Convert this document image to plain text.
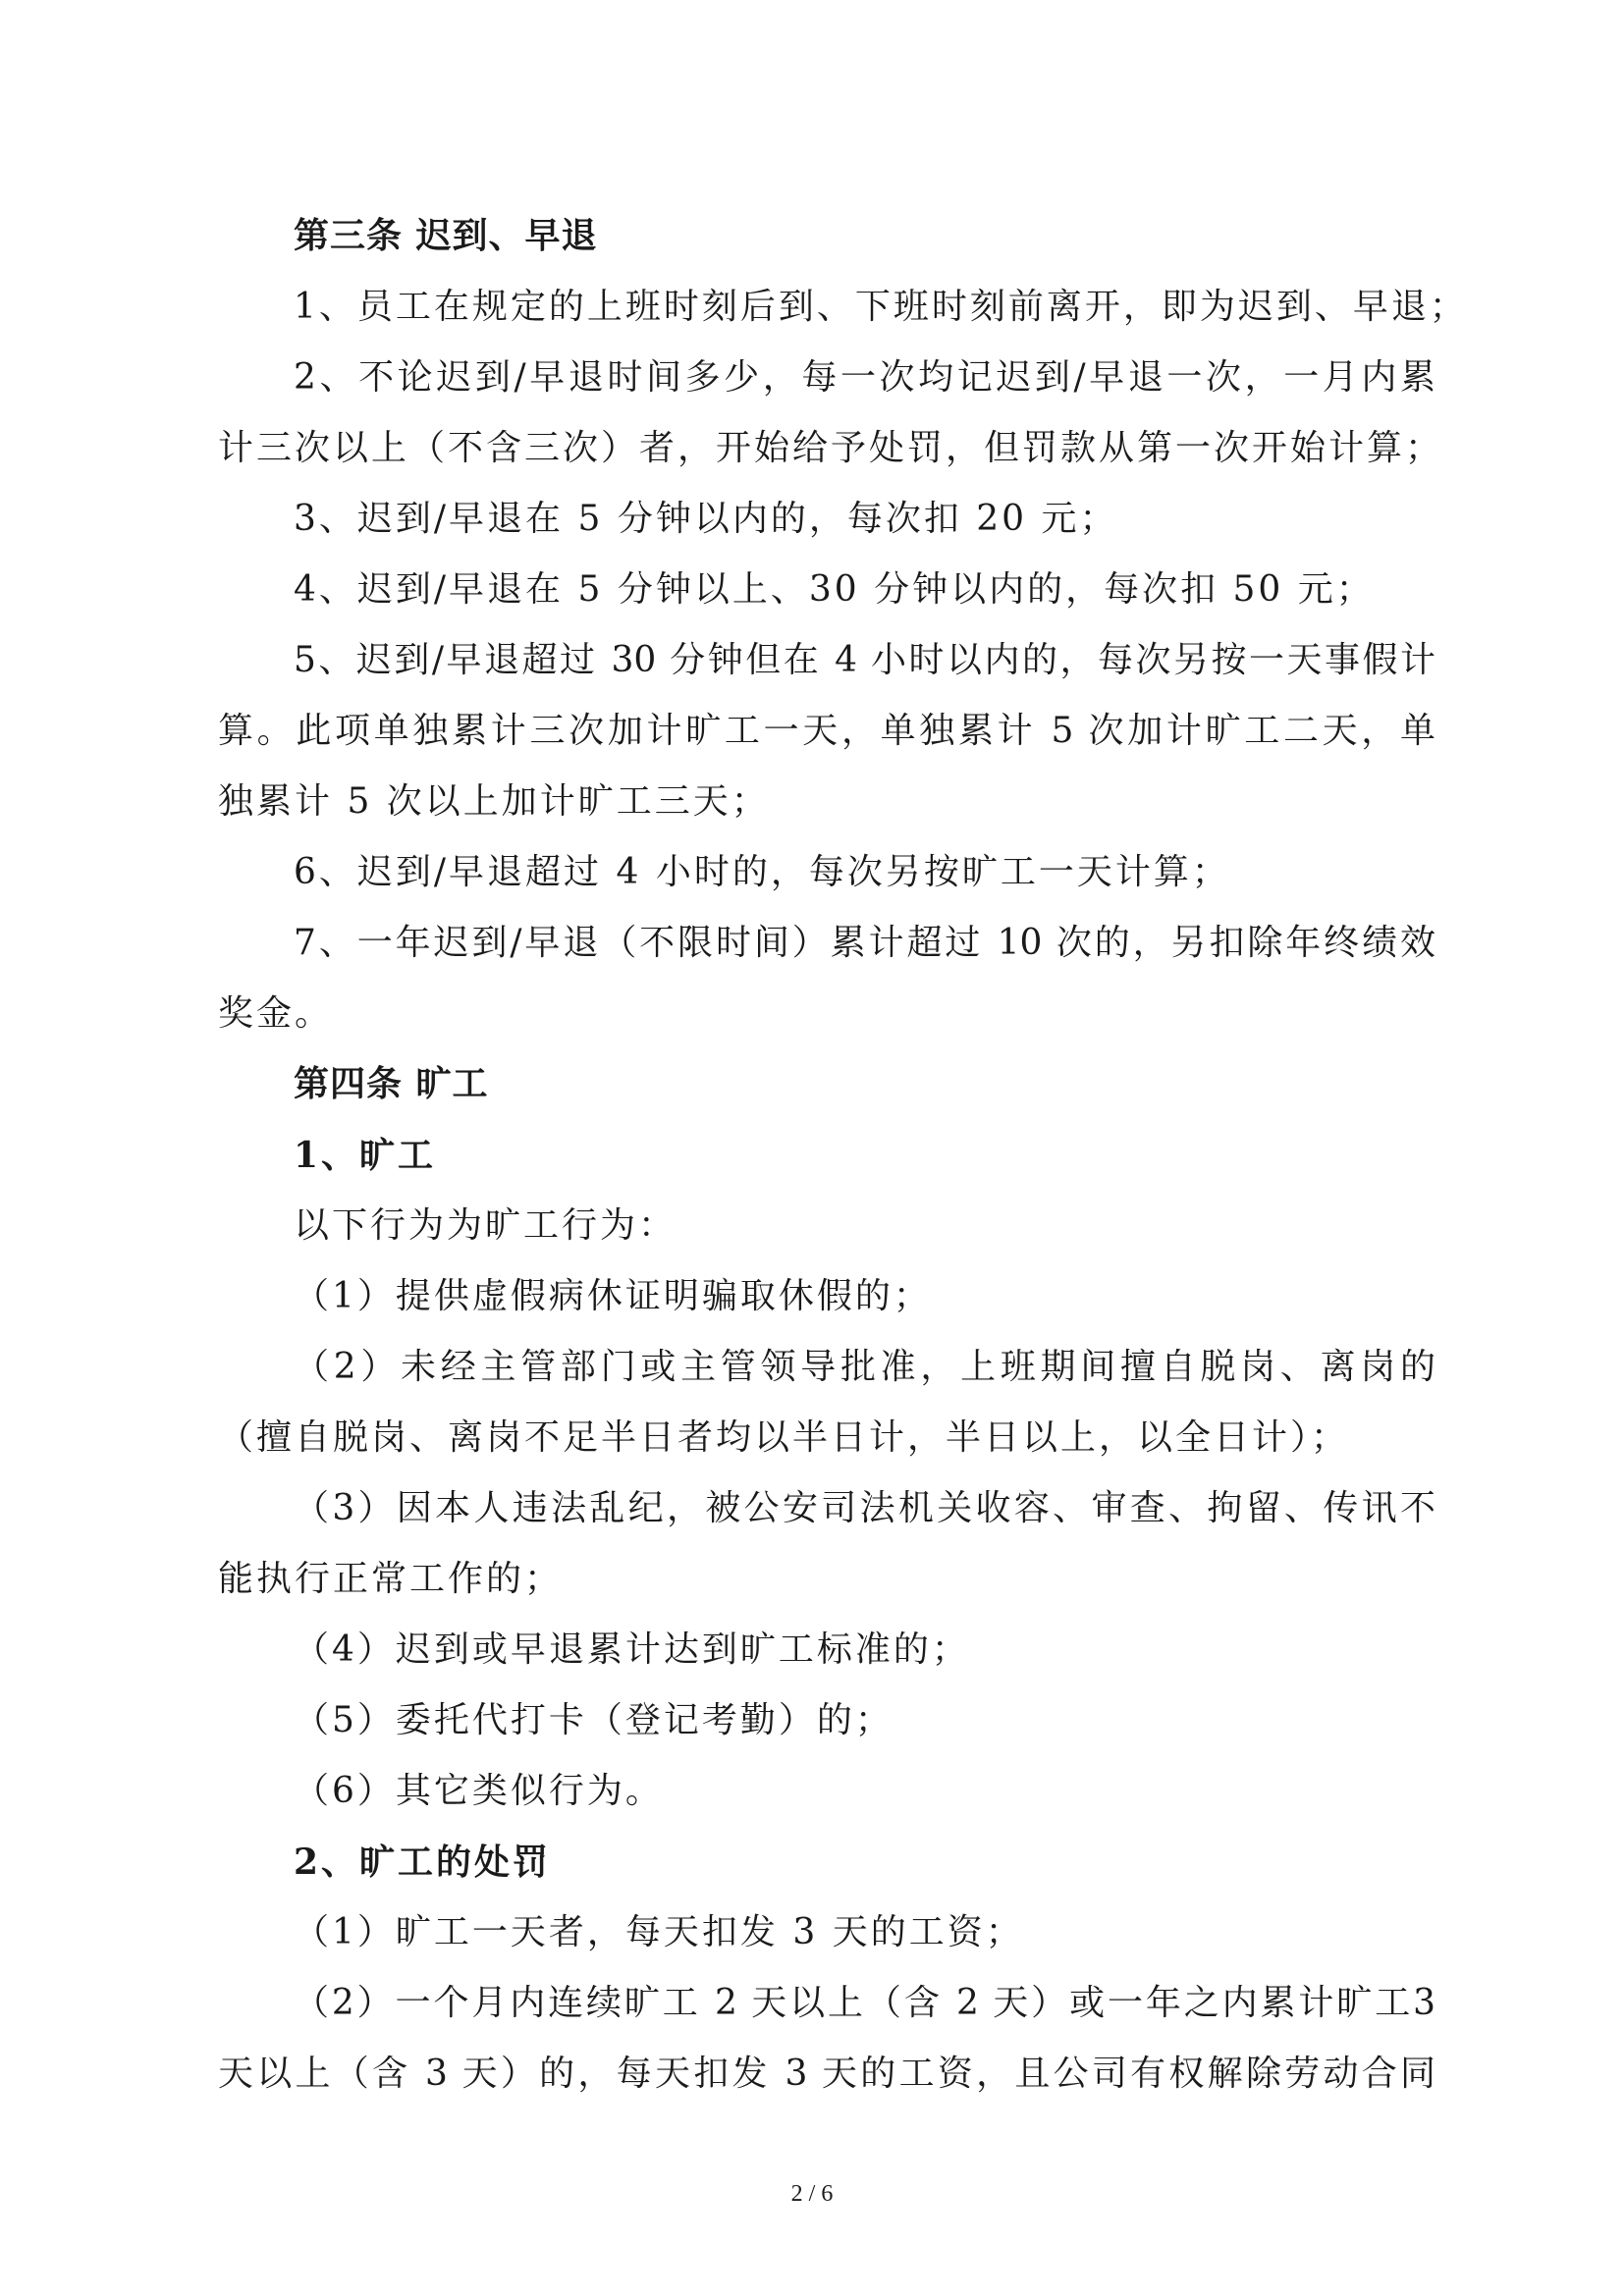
第三条 迟到、早退
1、员工在规定的上班时刻后到、下班时刻前离开，即为迟到、早退；
2、不论迟到/早退时间多少，每一次均记迟到/早退一次，一月内累
计三次以上（不含三次）者，开始给予处罚，但罚款从第一次开始计算；
3、迟到/早退在 5 分钟以内的，每次扣 20 元；
4、迟到/早退在 5 分钟以上、30 分钟以内的，每次扣 50 元；
5、迟到/早退超过 30 分钟但在 4 小时以内的，每次另按一天事假计
算。此项单独累计三次加计旷工一天，单独累计 5 次加计旷工二天，单
独累计 5 次以上加计旷工三天；
6、迟到/早退超过 4 小时的，每次另按旷工一天计算；
7、一年迟到/早退（不限时间）累计超过 10 次的，另扣除年终绩效
奖金。
第四条 旷工
1、旷工
以下行为为旷工行为：
（1）提供虚假病休证明骗取休假的；
（2）未经主管部门或主管领导批准，上班期间擅自脱岗、离岗的
（擅自脱岗、离岗不足半日者均以半日计，半日以上，以全日计）；
（3）因本人违法乱纪，被公安司法机关收容、审查、拘留、传讯不
能执行正常工作的；
（4）迟到或早退累计达到旷工标准的；
（5）委托代打卡（登记考勤）的；
（6）其它类似行为。
2、旷工的处罚
（1）旷工一天者，每天扣发 3 天的工资；
（2）一个月内连续旷工 2 天以上（含 2 天）或一年之内累计旷工3
天以上（含 3 天）的，每天扣发 3 天的工资，且公司有权解除劳动合同
2 / 6
